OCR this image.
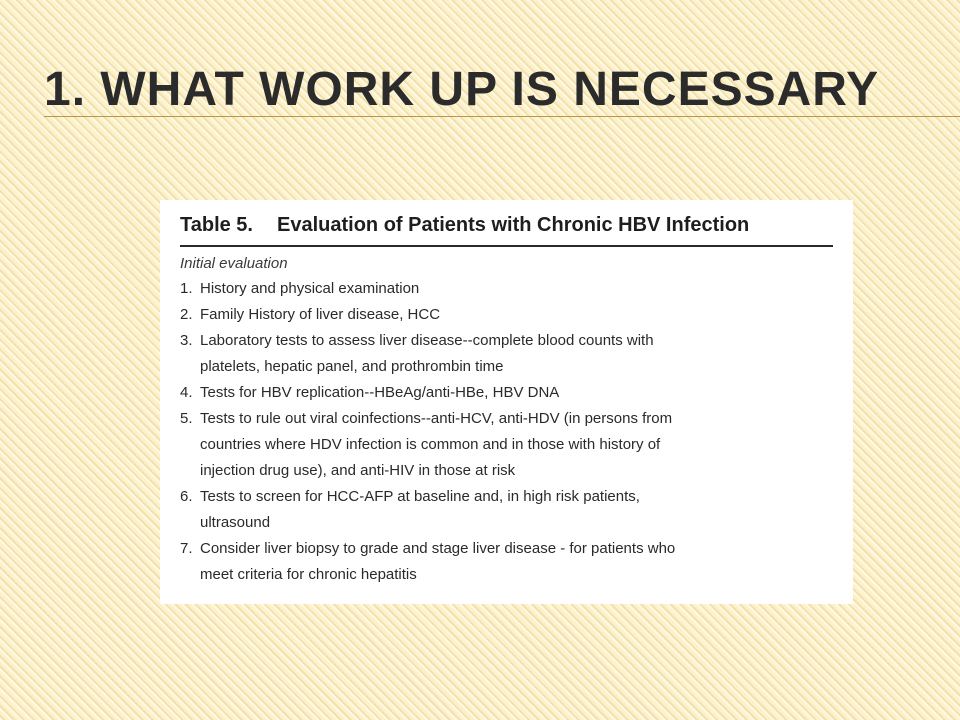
1. WHAT WORK UP IS NECESSARY
Table 5. Evaluation of Patients with Chronic HBV Infection
Initial evaluation
1. History and physical examination
2. Family History of liver disease, HCC
3. Laboratory tests to assess liver disease--complete blood counts with
platelets, hepatic panel, and prothrombin time
4. Tests for HBV replication--HBeAg/anti-HBe, HBV DNA
5. Tests to rule out viral coinfections--anti-HCV, anti-HDV (in persons from
countries where HDV infection is common and in those with history of
injection drug use), and anti-HIV in those at risk
6. Tests to screen for HCC-AFP at baseline and, in high risk patients,
ultrasound
7. Consider liver biopsy to grade and stage liver disease - for patients who
meet criteria for chronic hepatitis
